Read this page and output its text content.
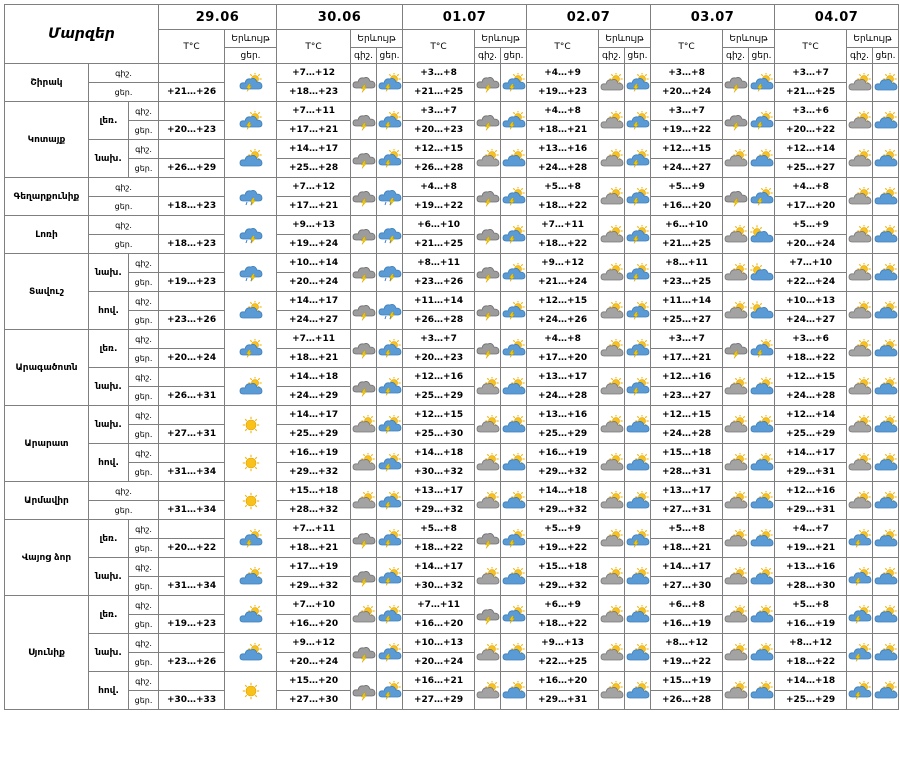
Մարզեր			29.06		30.06			01.07			02.07			03.07			04.07		
			T°C	Երևույթ	T°C	Երևույթ		T°C	Երևույթ		T°C	Երևույթ		T°C	Երևույթ		T°C	Երևույթ	
				ցեր.		գիշ.	ցեր.		գիշ.	ցեր.		գիշ.	ցեր.		գիշ.	ցեր.		գիշ.	ցեր.
Շիրակ	գիշ.				+7…+12			+3…+8			+4…+9			+3…+8			+3…+7	

	ցեր.		+21…+26		+18…+23			+21…+25			+19…+23			+20…+24			+21…+25		
Կոտայք	լեռ.	գիշ.			+7…+11			+3…+7			+4…+8			+3…+7			+3…+6	

		ցեր.	+20…+23		+17…+21			+20…+23			+18…+21			+19…+22			+20…+22		
	նախ.	գիշ.			+14…+17			+12…+15			+13…+16			+12…+15			+12…+14	

		ցեր.	+26…+29		+25…+28			+26…+28			+24…+28			+24…+27			+25…+27		
Գեղարքունիք	գիշ.				+7…+12			+4…+8			+5…+8			+5…+9			+4…+8	

	ցեր.		+18…+23		+17…+21			+19…+22			+18…+22			+16…+20			+17…+20		
Լոռի	գիշ.				+9…+13			+6…+10			+7…+11			+6…+10			+5…+9	

	ցեր.		+18…+23		+19…+24			+21…+25			+18…+22			+21…+25			+20…+24		
Տավուշ	նախ.	գիշ.			+10…+14			+8…+11			+9…+12			+8…+11			+7…+10	

		ցեր.	+19…+23		+20…+24			+23…+26			+21…+24			+23…+25			+22…+24		
	հով.	գիշ.			+14…+17			+11…+14			+12…+15			+11…+14			+10…+13	

		ցեր.	+23…+26		+24…+27			+26…+28			+24…+26			+25…+27			+24…+27		
Արագածոտն	լեռ.	գիշ.			+7…+11			+3…+7			+4…+8			+3…+7			+3…+6	

		ցեր.	+20…+24		+18…+21			+20…+23			+17…+20			+17…+21			+18…+22		
	նախ.	գիշ.			+14…+18			+12…+16			+13…+17			+12…+16			+12…+15	

		ցեր.	+26…+31		+24…+29			+25…+29			+24…+28			+23…+27			+24…+28		
Արարատ	նախ.	գիշ.			+14…+17			+12…+15			+13…+16			+12…+15			+12…+14	

		ցեր.	+27…+31		+25…+29			+25…+30			+25…+29			+24…+28			+25…+29		
	հով.	գիշ.			+16…+19			+14…+18			+16…+19			+15…+18			+14…+17	

		ցեր.	+31…+34		+29…+32			+30…+32			+29…+32			+28…+31			+29…+31		
Արմավիր	գիշ.				+15…+18			+13…+17			+14…+18			+13…+17			+12…+16	

	ցեր.		+31…+34		+28…+32			+29…+32			+29…+32			+27…+31			+29…+31		
Վայոց ձոր	լեռ.	գիշ.			+7…+11			+5…+8			+5…+9			+5…+8			+4…+7	

		ցեր.	+20…+22		+18…+21			+18…+22			+19…+22			+18…+21			+19…+21		
	նախ.	գիշ.			+17…+19			+14…+17			+15…+18			+14…+17			+13…+16	

		ցեր.	+31…+34		+29…+32			+30…+32			+29…+32			+27…+30			+28…+30		
Սյունիք	լեռ.	գիշ.			+7…+10			+7…+11			+6…+9			+6…+8			+5…+8	

		ցեր.	+19…+23		+16…+20			+16…+20			+18…+22			+16…+19			+16…+19		
	նախ.	գիշ.			+9…+12			+10…+13			+9…+13			+8…+12			+8…+12	

		ցեր.	+23…+26		+20…+24			+20…+24			+22…+25			+19…+22			+18…+22		
	հով.	գիշ.			+15…+20			+16…+21			+16…+20			+15…+19			+14…+18	

		ցեր.	+30…+33		+27…+30			+27…+29			+29…+31			+26…+28			+25…+29		
